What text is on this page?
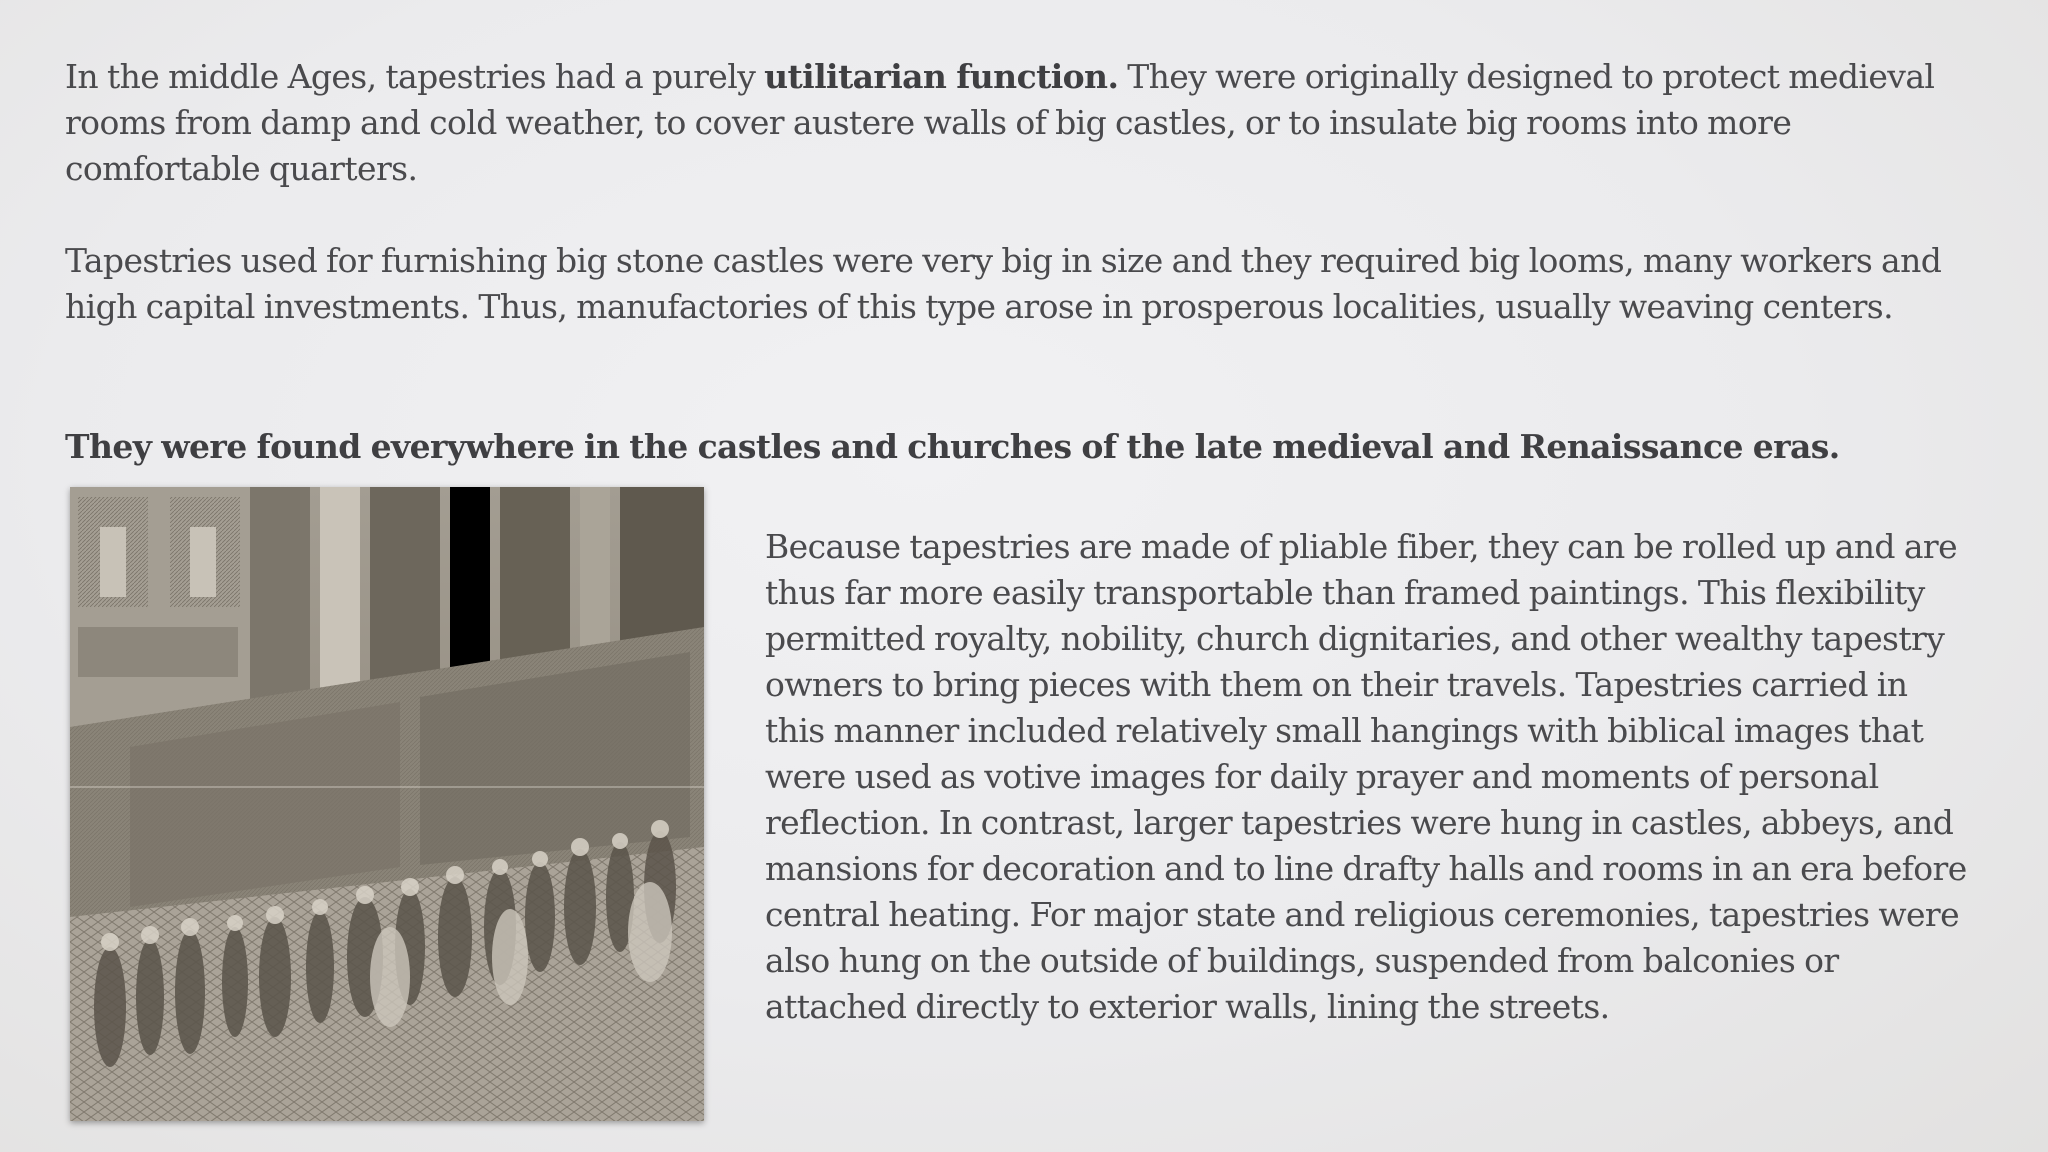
In the middle Ages, tapestries had a purely utilitarian function. They were originally designed to protect medieval rooms from damp and cold weather, to cover austere walls of big castles, or to insulate big rooms into more comfortable quarters.

Tapestries used for furnishing big stone castles were very big in size and they required big looms, many workers and high capital investments. Thus, manufactories of this type arose in prosperous localities, usually weaving centers.

They were found everywhere in the castles and churches of the late medieval and Renaissance eras.

Because tapestries are made of pliable fiber, they can be rolled up and are thus far more easily transportable than framed paintings. This flexibility permitted royalty, nobility, church dignitaries, and other wealthy tapestry owners to bring pieces with them on their travels. Tapestries carried in this manner included relatively small hangings with biblical images that were used as votive images for daily prayer and moments of personal reflection. In contrast, larger tapestries were hung in castles, abbeys, and mansions for decoration and to line drafty halls and rooms in an era before central heating. For major state and religious ceremonies, tapestries were also hung on the outside of buildings, suspended from balconies or attached directly to exterior walls, lining the streets.
